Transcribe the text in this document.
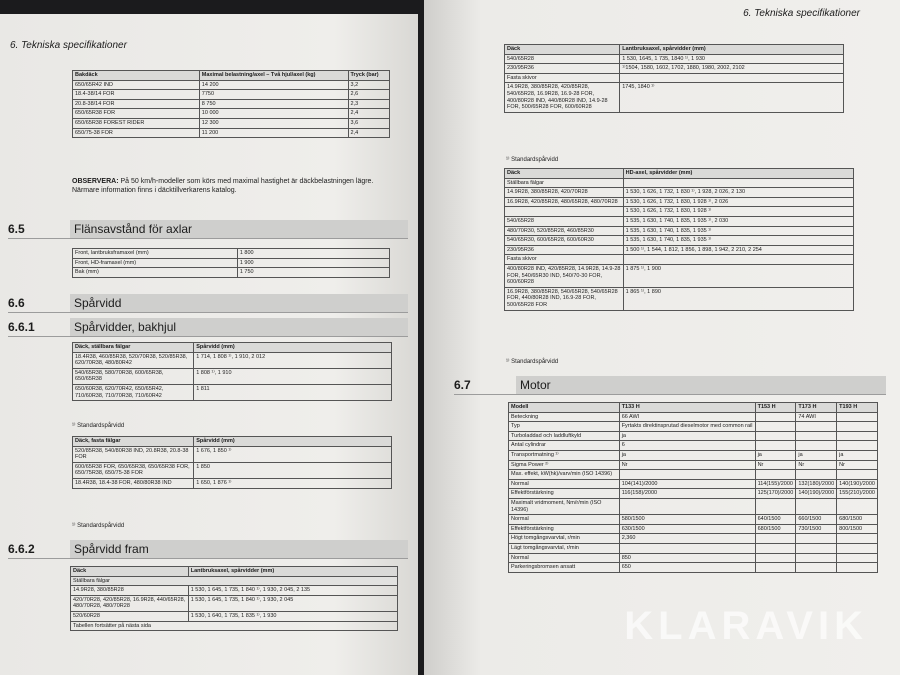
6. Tekniska specifikationer
Bakdäck	Maximal belastning/axel – Två hjul/axel (kg)	Tryck (bar)
650/65R42 IND	14 200	3,2
18.4-38/14 FOR	7750	2,6
20.8-38/14 FOR	8 750	2,3
650/65R38 FOR	10 000	2,4
650/65R38 FOREST RIDER	12 300	3,6
650/75-38 FOR	11 200	2,4
OBSERVERA: På 50 km/h-modeller som körs med maximal hastighet är däckbelastningen lägre. Närmare information finns i däcktillverkarens katalog.
6.5	Flänsavstånd för axlar
Front, lantbruksframaxel (mm)	1 800
Front, HD-framaxel (mm)	1 900
Bak (mm)	1 750
6.6	Spårvidd
6.6.1	Spårvidder, bakhjul
Däck, ställbara fälgar	Spårvidd (mm)
18.4R38, 460/85R38, 520/70R38, 520/85R38, 620/70R38, 480/80R42	1 714, 1 808 ¹⁾, 1 910, 2 012
540/65R38, 580/70R38, 600/65R38, 650/65R38	1 808 ¹⁾, 1 910
650/60R38, 620/70R42, 650/65R42, 710/60R38, 710/70R38, 710/60R42	1 811
¹⁾ Standardspårvidd
Däck, fasta fälgar	Spårvidd (mm)
520/85R38, 540/80R38 IND, 20.8R38, 20.8-38 FOR	1 676, 1 850 ¹⁾
600/65R38 FOR, 650/65R38, 650/65R38 FOR, 650/75R38, 650/75-38 FOR	1 850
18.4R38, 18.4-38 FOR, 480/80R38 IND	1 650, 1 876 ¹⁾
¹⁾ Standardspårvidd
6.6.2	Spårvidd fram
Däck	Lantbruksaxel, spårvidder (mm)
Ställbara fälgar	
14.9R28, 380/85R28	1 530, 1 645, 1 735, 1 840 ¹⁾, 1 930, 2 045, 2 135
420/70R28, 420/85R28, 16.9R28, 440/65R28, 480/70R28, 480/70R28	1 530, 1 645, 1 735, 1 840 ¹⁾, 1 930, 2 045
520/60R28	1 530, 1 640, 1 735, 1 835 ¹⁾, 1 930
Tabellen fortsätter på nästa sida	
6. Tekniska specifikationer
Däck	Lantbruksaxel, spårvidder (mm)
540/65R28	1 530, 1645, 1 735, 1840 ¹⁾, 1 930
230/95R36	¹⁾1504, 1580, 1602, 1702, 1880, 1980, 2002, 2102
Fasta skivor	
14.9R28, 380/85R28, 420/85R28, 540/65R28, 16.9R28, 16.9-28 FOR, 400/80R28 IND, 440/80R28 IND, 14.9-28 FOR, 500/65R28 FOR, 600/60R28	1745, 1840 ¹⁾
¹⁾ Standardspårvidd
Däck	HD-axel, spårvidder (mm)
Ställbara fälgar	
14.9R28, 380/85R28, 420/70R28	1 530, 1 626, 1 732, 1 830 ¹⁾, 1 928, 2 026, 2 130
16.9R28, 420/85R28, 480/65R28, 480/70R28	1 530, 1 626, 1 732, 1 830, 1 928 ¹⁾, 2 026
	1 530, 1 626, 1 732, 1 830, 1 928 ¹⁾
540/65R28	1 535, 1 630, 1 740, 1 835, 1 935 ¹⁾, 2 030
480/70R30, 520/85R28, 460/85R30	1 535, 1 630, 1 740, 1 835, 1 935 ¹⁾
540/65R30, 600/65R28, 600/60R30	1 535, 1 630, 1 740, 1 835, 1 935 ¹⁾
230/95R36	1 500 ¹⁾, 1 544, 1 812, 1 856, 1 898, 1 942, 2 210, 2 254
Fasta skivor	
400/80R28 IND, 420/85R28, 14.9R28, 14.9-28 FOR, 540/65R30 IND, 540/70-30 FOR, 600/60R28	1 875 ¹⁾, 1 900
16.9R28, 380/85R28, 540/65R28, 540/65R28 FOR, 440/80R28 IND, 16.9-28 FOR, 500/65R28 FOR	1 865 ¹⁾, 1 890
¹⁾ Standardspårvidd
6.7	Motor
Modell	T133 H	T153 H	T173 H	T193 H
Beteckning	66 AWI		74 AWI	
Typ	Fyrtakts direktinsprutad dieselmotor med common rail			
Turboladdad och laddluftkyld	ja			
Antal cylindrar	6			
Transportmatning ¹⁾	ja	ja	ja	ja
Sigma Power ²⁾	Nr	Nr	Nr	Nr
Max. effekt, kW(hk)/varv/min (ISO 14396)				
Normal	104(141)/2000	114(155)/2000	132(180)/2000	140(190)/2000
Effektförstärkning	116(158)/2000	125(170)/2000	140(190)/2000	155(210)/2000
Maximalt vridmoment, Nm/r/min (ISO 14396)				
Normal	580/1500	640/1500	660/1500	680/1500
Effektförstärkning	630/1500	680/1500	730/1500	800/1500
Högt tomgångsvarvtal, r/min	2,360			
Lägt tomgångsvarvtal, r/min				
Normal	850			
Parkeringsbromsen ansatt	650			
KLARAVIK
